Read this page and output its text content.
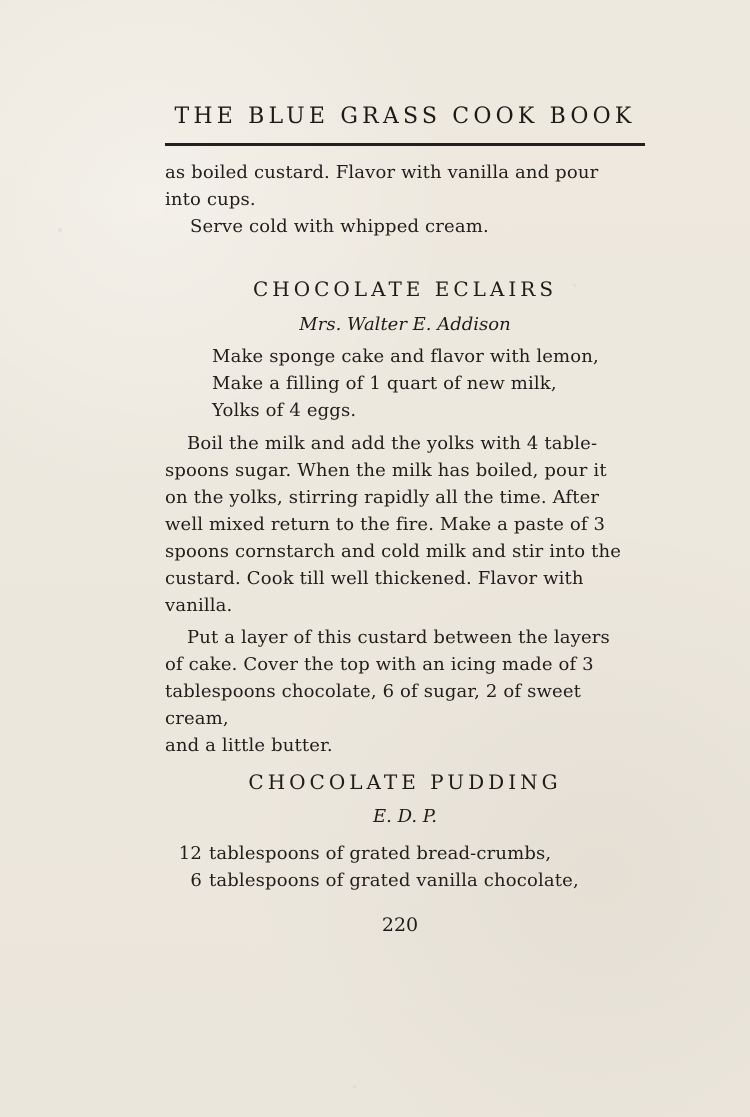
THE BLUE GRASS COOK BOOK
as boiled custard. Flavor with vanilla and pour
into cups.
Serve cold with whipped cream.
CHOCOLATE ECLAIRS
Mrs. Walter E. Addison
Make sponge cake and flavor with lemon,
Make a filling of 1 quart of new milk,
Yolks of 4 eggs.
Boil the milk and add the yolks with 4 table-
spoons sugar. When the milk has boiled, pour it
on the yolks, stirring rapidly all the time. After
well mixed return to the fire. Make a paste of 3
spoons cornstarch and cold milk and stir into the
custard. Cook till well thickened. Flavor with
vanilla.
Put a layer of this custard between the layers
of cake. Cover the top with an icing made of 3
tablespoons chocolate, 6 of sugar, 2 of sweet cream,
and a little butter.
CHOCOLATE PUDDING
E. D. P.
12 tablespoons of grated bread-crumbs,
6 tablespoons of grated vanilla chocolate,
220
